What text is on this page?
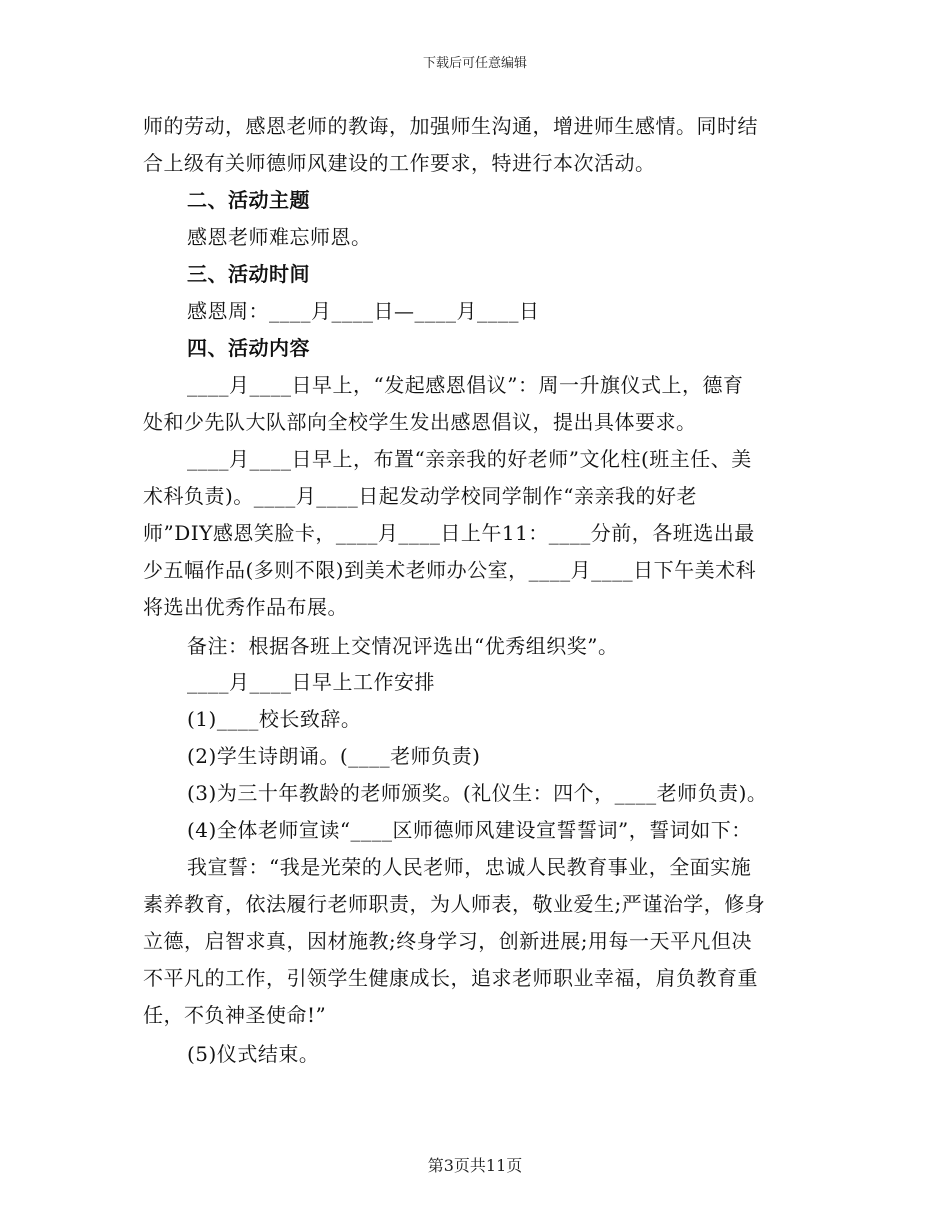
下载后可任意编辑
师的劳动，感恩老师的教诲，加强师生沟通，增进师生感情。同时结
合上级有关师德师风建设的工作要求，特进行本次活动。
二、活动主题
感恩老师难忘师恩。
三、活动时间
感恩周：____月____日—____月____日
四、活动内容
____月____日早上，“发起感恩倡议”：周一升旗仪式上，德育
处和少先队大队部向全校学生发出感恩倡议，提出具体要求。
____月____日早上，布置“亲亲我的好老师”文化柱(班主任、美
术科负责)。____月____日起发动学校同学制作“亲亲我的好老
师”DIY感恩笑脸卡，____月____日上午11：____分前，各班选出最
少五幅作品(多则不限)到美术老师办公室，____月____日下午美术科
将选出优秀作品布展。
备注：根据各班上交情况评选出“优秀组织奖”。
____月____日早上工作安排
(1)____校长致辞。
(2)学生诗朗诵。(____老师负责)
(3)为三十年教龄的老师颁奖。(礼仪生：四个，____老师负责)。
(4)全体老师宣读“____区师德师风建设宣誓誓词”，誓词如下：
我宣誓：“我是光荣的人民老师，忠诚人民教育事业，全面实施
素养教育，依法履行老师职责，为人师表，敬业爱生;严谨治学，修身
立德，启智求真，因材施教;终身学习，创新进展;用每一天平凡但决
不平凡的工作，引领学生健康成长，追求老师职业幸福，肩负教育重
任，不负神圣使命!”
(5)仪式结束。
第3页共11页
